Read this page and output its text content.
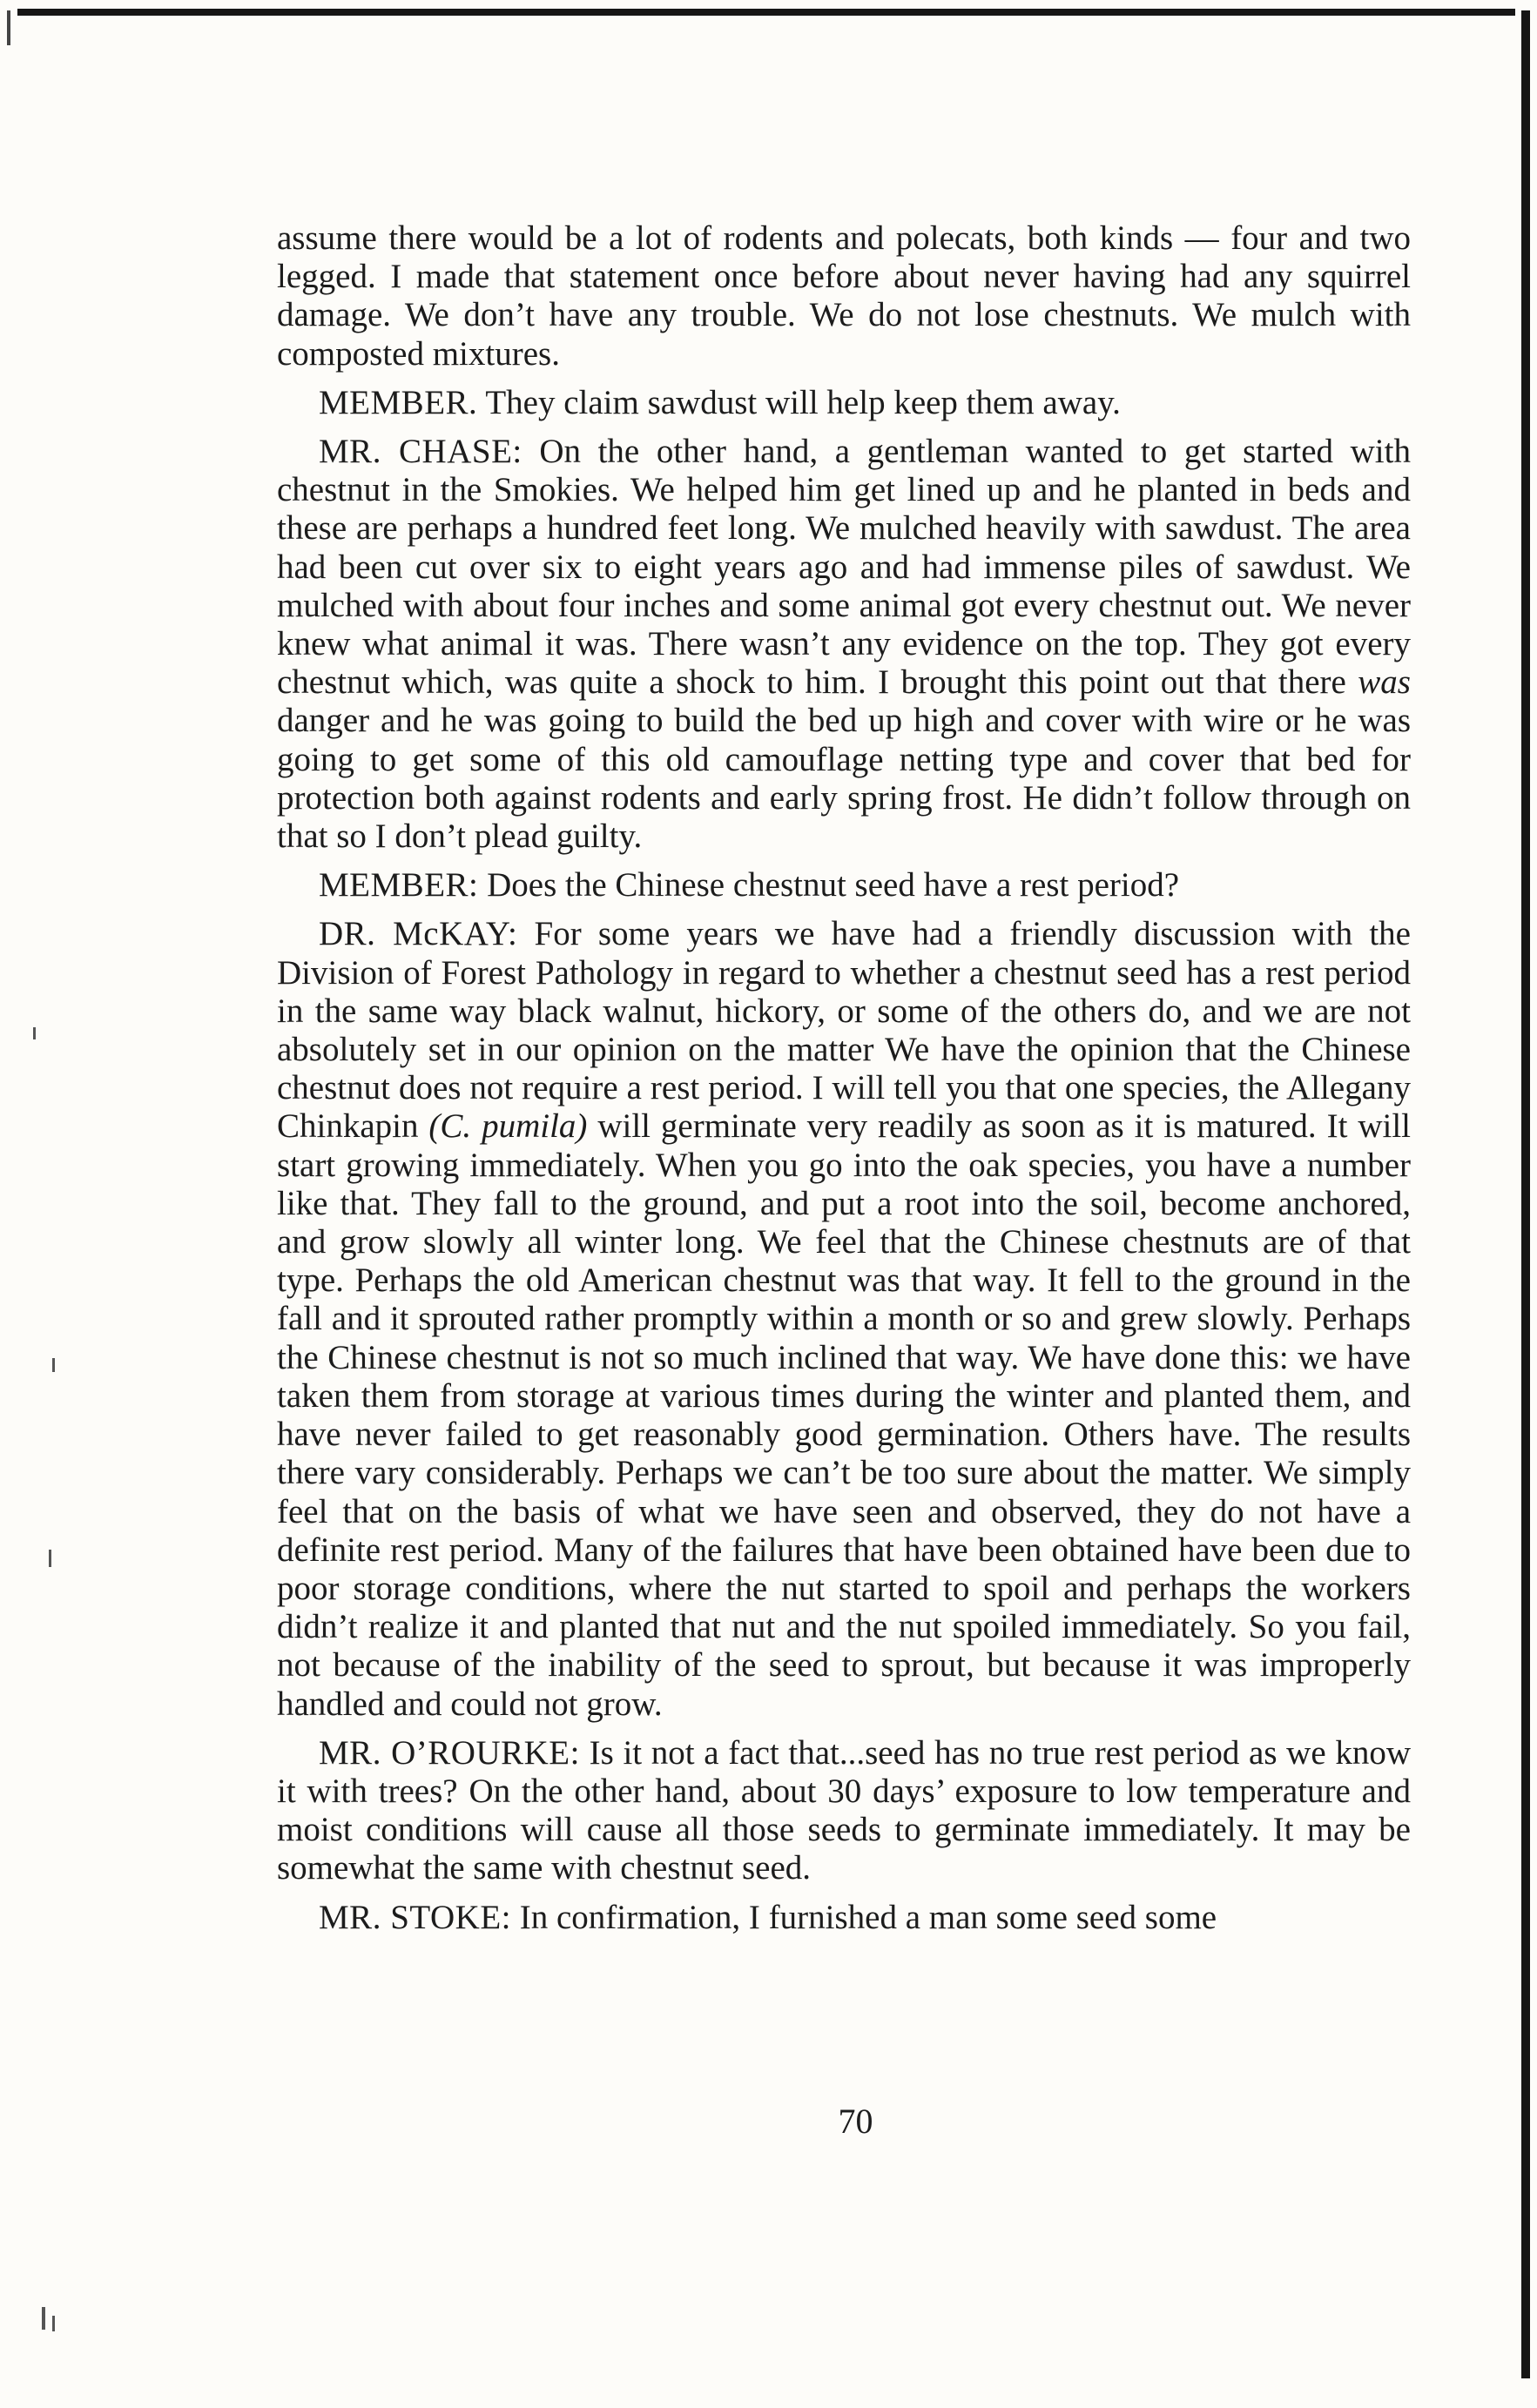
assume there would be a lot of rodents and polecats, both kinds — four and two legged. I made that statement once before about never having had any squirrel damage. We don’t have any trouble. We do not lose chestnuts. We mulch with composted mixtures.

MEMBER. They claim sawdust will help keep them away.

MR. CHASE: On the other hand, a gentleman wanted to get started with chestnut in the Smokies. We helped him get lined up and he planted in beds and these are perhaps a hundred feet long. We mulched heavily with sawdust. The area had been cut over six to eight years ago and had immense piles of sawdust. We mulched with about four inches and some animal got every chestnut out. We never knew what animal it was. There wasn’t any evidence on the top. They got every chestnut which, was quite a shock to him. I brought this point out that there was danger and he was going to build the bed up high and cover with wire or he was going to get some of this old camouflage netting type and cover that bed for protection both against rodents and early spring frost. He didn’t follow through on that so I don’t plead guilty.

MEMBER: Does the Chinese chestnut seed have a rest period?

DR. McKAY: For some years we have had a friendly discussion with the Division of Forest Pathology in regard to whether a chestnut seed has a rest period in the same way black walnut, hickory, or some of the others do, and we are not absolutely set in our opinion on the matter We have the opinion that the Chinese chestnut does not require a rest period. I will tell you that one species, the Allegany Chinkapin (C. pumila) will germinate very readily as soon as it is matured. It will start growing immediately. When you go into the oak species, you have a number like that. They fall to the ground, and put a root into the soil, become anchored, and grow slowly all winter long. We feel that the Chinese chestnuts are of that type. Perhaps the old American chestnut was that way. It fell to the ground in the fall and it sprouted rather promptly within a month or so and grew slowly. Perhaps the Chinese chestnut is not so much inclined that way. We have done this: we have taken them from storage at various times during the winter and planted them, and have never failed to get reasonably good germination. Others have. The results there vary considerably. Perhaps we can’t be too sure about the matter. We simply feel that on the basis of what we have seen and observed, they do not have a definite rest period. Many of the failures that have been obtained have been due to poor storage conditions, where the nut started to spoil and perhaps the workers didn’t realize it and planted that nut and the nut spoiled immediately. So you fail, not because of the inability of the seed to sprout, but because it was improperly handled and could not grow.

MR. O’ROURKE: Is it not a fact that...seed has no true rest period as we know it with trees? On the other hand, about 30 days’ exposure to low temperature and moist conditions will cause all those seeds to germinate immediately. It may be somewhat the same with chestnut seed.

MR. STOKE: In confirmation, I furnished a man some seed some

70
